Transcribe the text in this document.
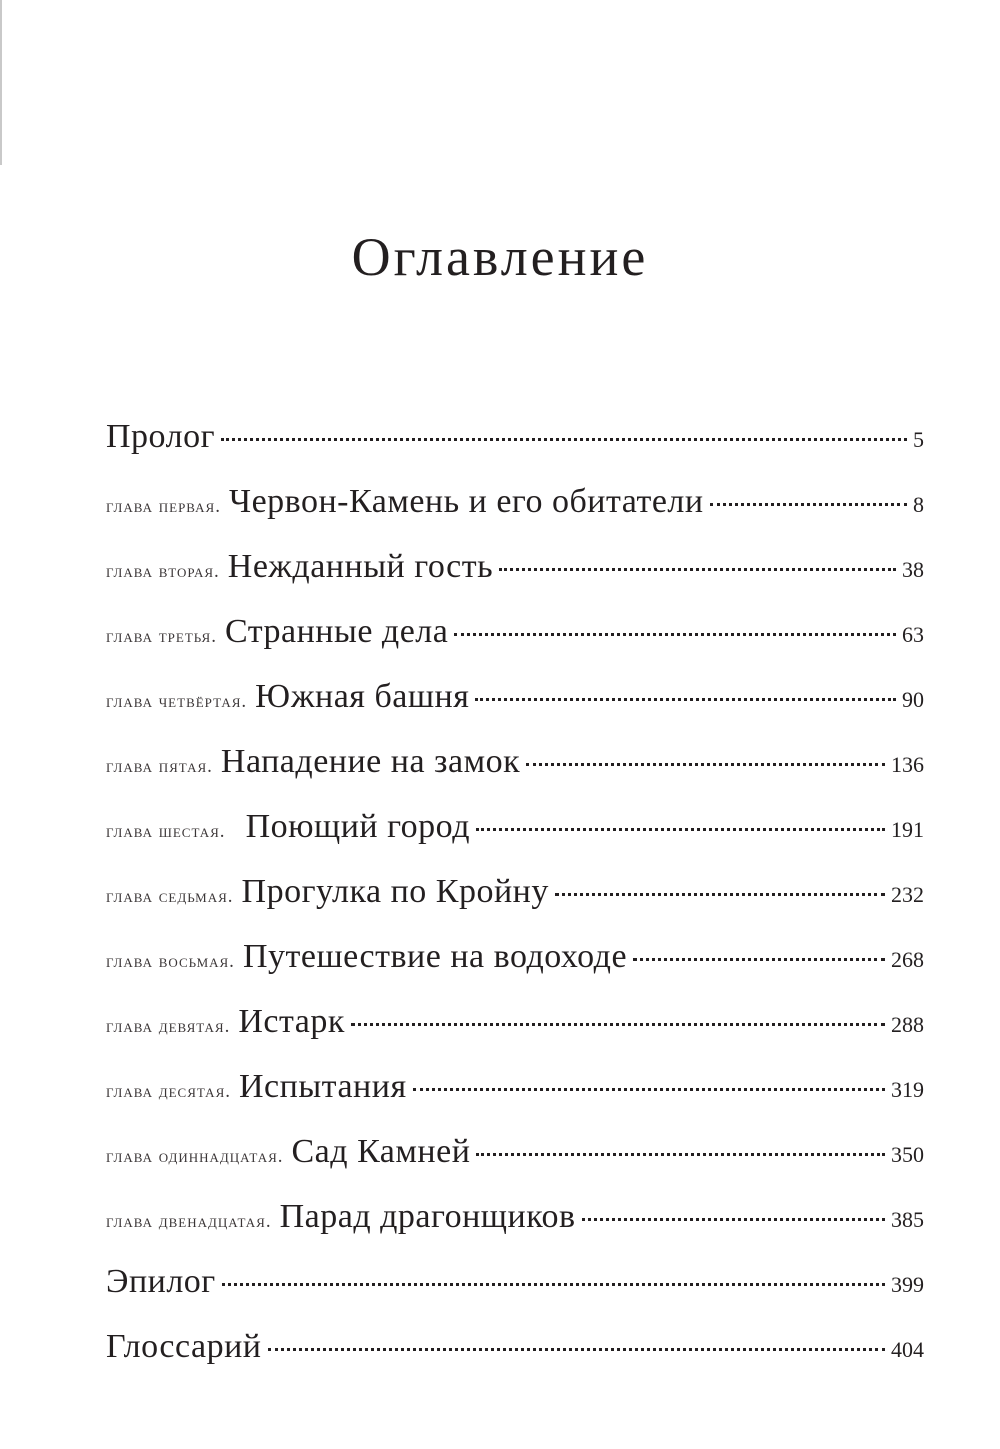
Оглавление
Пролог	5
глава первая. Червон-Камень и его обитатели	8
глава вторая. Нежданный гость	38
глава третья. Странные дела	63
глава четвёртая. Южная башня	90
глава пятая. Нападение на замок	136
глава шестая. Поющий город	191
глава седьмая. Прогулка по Кройну	232
глава восьмая. Путешествие на водоходе	268
глава девятая. Истарк	288
глава десятая. Испытания	319
глава одиннадцатая. Сад Камней	350
глава двенадцатая. Парад драгонщиков	385
Эпилог	399
Глоссарий	404
